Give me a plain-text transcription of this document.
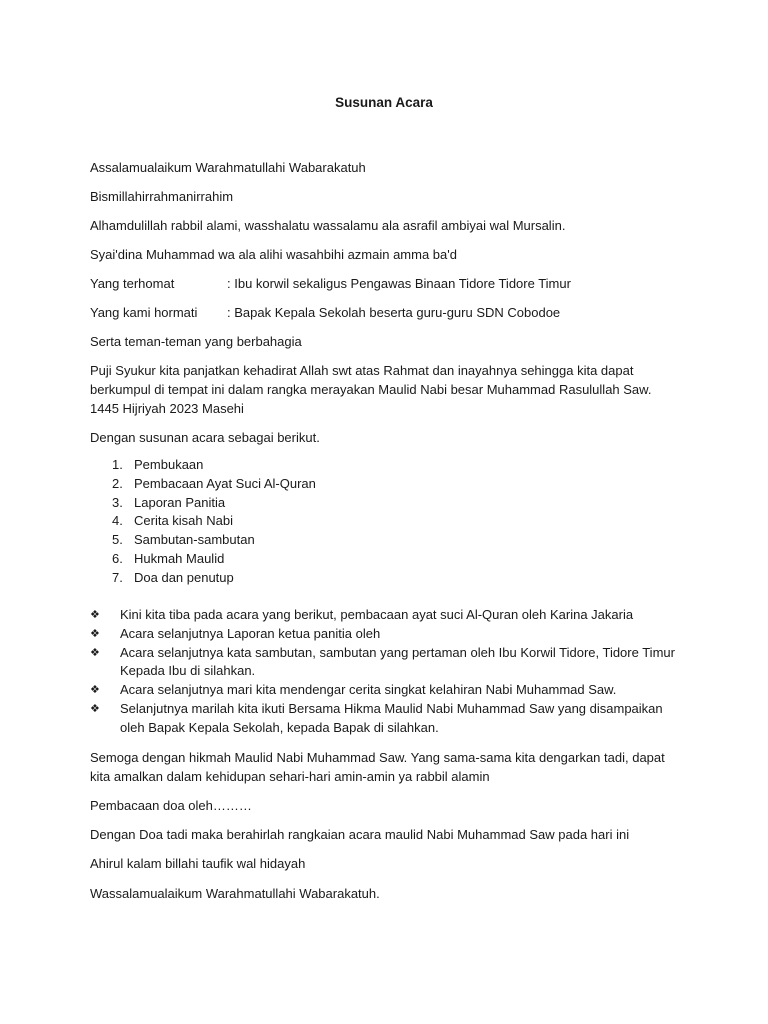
Susunan Acara

Assalamualaikum Warahmatullahi Wabarakatuh

Bismillahirrahmanirrahim

Alhamdulillah rabbil alami, wasshalatu wassalamu ala asrafil ambiyai wal Mursalin.

Syai'dina Muhammad wa ala alihi wasahbihi azmain amma ba'd

Yang terhomat	: Ibu korwil sekaligus Pengawas Binaan Tidore Tidore Timur
Yang kami hormati	: Bapak Kepala Sekolah beserta guru-guru SDN Cobodoe

Serta teman-teman yang berbahagia

Puji Syukur kita panjatkan kehadirat Allah swt atas Rahmat dan inayahnya sehingga kita dapat berkumpul di tempat ini dalam rangka merayakan Maulid Nabi besar Muhammad Rasulullah Saw. 1445 Hijriyah 2023 Masehi

Dengan susunan acara sebagai berikut.

1. Pembukaan
2. Pembacaan Ayat Suci Al-Quran
3. Laporan Panitia
4. Cerita kisah Nabi
5. Sambutan-sambutan
6. Hukmah Maulid
7. Doa dan penutup
❖	Kini kita tiba pada acara yang berikut, pembacaan ayat suci Al-Quran oleh Karina Jakaria
❖	Acara selanjutnya Laporan ketua panitia oleh
❖	Acara selanjutnya kata sambutan, sambutan yang pertaman oleh Ibu Korwil Tidore, Tidore Timur Kepada Ibu di silahkan.
❖	Acara selanjutnya mari kita mendengar cerita singkat kelahiran Nabi Muhammad Saw.
❖	Selanjutnya marilah kita ikuti Bersama Hikma Maulid Nabi Muhammad Saw yang disampaikan oleh Bapak Kepala Sekolah, kepada Bapak di silahkan.

Semoga dengan hikmah Maulid Nabi Muhammad Saw. Yang sama-sama kita dengarkan tadi, dapat kita amalkan dalam kehidupan sehari-hari amin-amin ya rabbil alamin

Pembacaan doa oleh………

Dengan Doa tadi maka berahirlah rangkaian acara maulid Nabi Muhammad Saw pada hari ini

Ahirul kalam billahi taufik wal hidayah

Wassalamualaikum Warahmatullahi Wabarakatuh.
